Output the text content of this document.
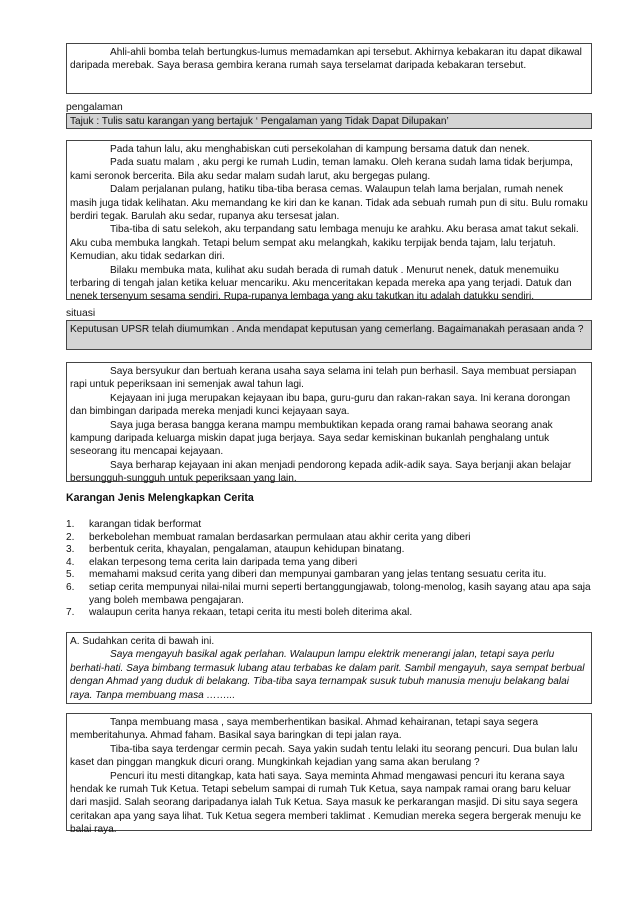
Ahli-ahli bomba telah bertungkus-lumus memadamkan api tersebut. Akhirnya kebakaran itu dapat dikawal daripada merebak. Saya berasa gembira kerana rumah saya terselamat daripada kebakaran tersebut.

pengalaman

Tajuk : Tulis satu karangan yang bertajuk ‘ Pengalaman yang Tidak Dapat Dilupakan’

Pada tahun lalu, aku menghabiskan cuti persekolahan di kampung bersama datuk dan nenek.

Pada suatu malam , aku pergi ke rumah Ludin, teman lamaku. Oleh kerana sudah lama tidak berjumpa, kami seronok bercerita. Bila aku sedar malam sudah larut, aku bergegas pulang.

Dalam perjalanan pulang, hatiku tiba-tiba berasa cemas. Walaupun telah lama berjalan, rumah nenek masih juga tidak kelihatan. Aku memandang ke kiri dan ke kanan. Tidak ada sebuah rumah pun di situ. Bulu romaku berdiri tegak. Barulah aku sedar, rupanya aku tersesat jalan.

Tiba-tiba di satu selekoh, aku terpandang satu lembaga menuju ke arahku. Aku berasa amat takut sekali. Aku cuba membuka langkah. Tetapi belum sempat aku melangkah, kakiku terpijak benda tajam, lalu terjatuh. Kemudian, aku tidak sedarkan diri.

Bilaku membuka mata, kulihat aku sudah berada di rumah datuk . Menurut nenek, datuk menemuiku terbaring di tengah jalan ketika keluar mencariku. Aku menceritakan kepada mereka apa yang terjadi. Datuk dan nenek tersenyum sesama sendiri. Rupa-rupanya lembaga yang aku takutkan itu adalah datukku sendiri.

situasi

Keputusan UPSR telah diumumkan . Anda mendapat keputusan yang cemerlang. Bagaimanakah perasaan anda ?

Saya bersyukur dan bertuah kerana usaha saya selama ini telah pun berhasil. Saya membuat persiapan rapi untuk peperiksaan ini semenjak awal tahun lagi.

Kejayaan ini juga merupakan kejayaan ibu bapa, guru-guru dan rakan-rakan saya. Ini kerana dorongan dan bimbingan daripada mereka menjadi kunci kejayaan saya.

Saya juga berasa bangga kerana mampu membuktikan kepada orang ramai bahawa seorang anak kampung daripada keluarga miskin dapat juga berjaya. Saya sedar kemiskinan bukanlah penghalang untuk seseorang itu mencapai kejayaan.

Saya berharap kejayaan ini akan menjadi pendorong kepada adik-adik saya. Saya berjanji akan belajar bersungguh-sungguh untuk peperiksaan yang lain.

Karangan Jenis Melengkapkan Cerita
1. karangan tidak berformat
2. berkebolehan membuat ramalan berdasarkan permulaan atau akhir cerita yang diberi
3. berbentuk cerita, khayalan, pengalaman, ataupun kehidupan binatang.
4. elakan terpesong tema cerita lain daripada tema yang diberi
5. memahami maksud cerita yang diberi dan mempunyai gambaran yang jelas tentang sesuatu cerita itu.
6. setiap cerita mempunyai nilai-nilai murni seperti bertanggungjawab, tolong-menolog, kasih sayang atau apa saja yang boleh membawa pengajaran.
7. walaupun cerita hanya rekaan, tetapi cerita itu mesti boleh diterima akal.

A. Sudahkan cerita di bawah ini.

Saya mengayuh basikal agak perlahan. Walaupun lampu elektrik menerangi jalan, tetapi saya perlu berhati-hati. Saya bimbang termasuk lubang atau terbabas ke dalam parit. Sambil mengayuh, saya sempat berbual dengan Ahmad yang duduk di belakang. Tiba-tiba saya ternampak susuk tubuh manusia menuju belakang balai raya. Tanpa membuang masa ……...

Tanpa membuang masa , saya memberhentikan basikal. Ahmad kehairanan, tetapi saya segera memberitahunya. Ahmad faham. Basikal saya baringkan di tepi jalan raya.

Tiba-tiba saya terdengar cermin pecah. Saya yakin sudah tentu lelaki itu seorang pencuri. Dua bulan lalu kaset dan pinggan mangkuk dicuri orang. Mungkinkah kejadian yang sama akan berulang ?

Pencuri itu mesti ditangkap, kata hati saya. Saya meminta Ahmad mengawasi pencuri itu kerana saya hendak ke rumah Tuk Ketua. Tetapi sebelum sampai di rumah Tuk Ketua, saya nampak ramai orang baru keluar dari masjid. Salah seorang daripadanya ialah Tuk Ketua. Saya masuk ke perkarangan masjid. Di situ saya segera ceritakan apa yang saya lihat. Tuk Ketua segera memberi taklimat . Kemudian mereka segera bergerak menuju ke balai raya.
